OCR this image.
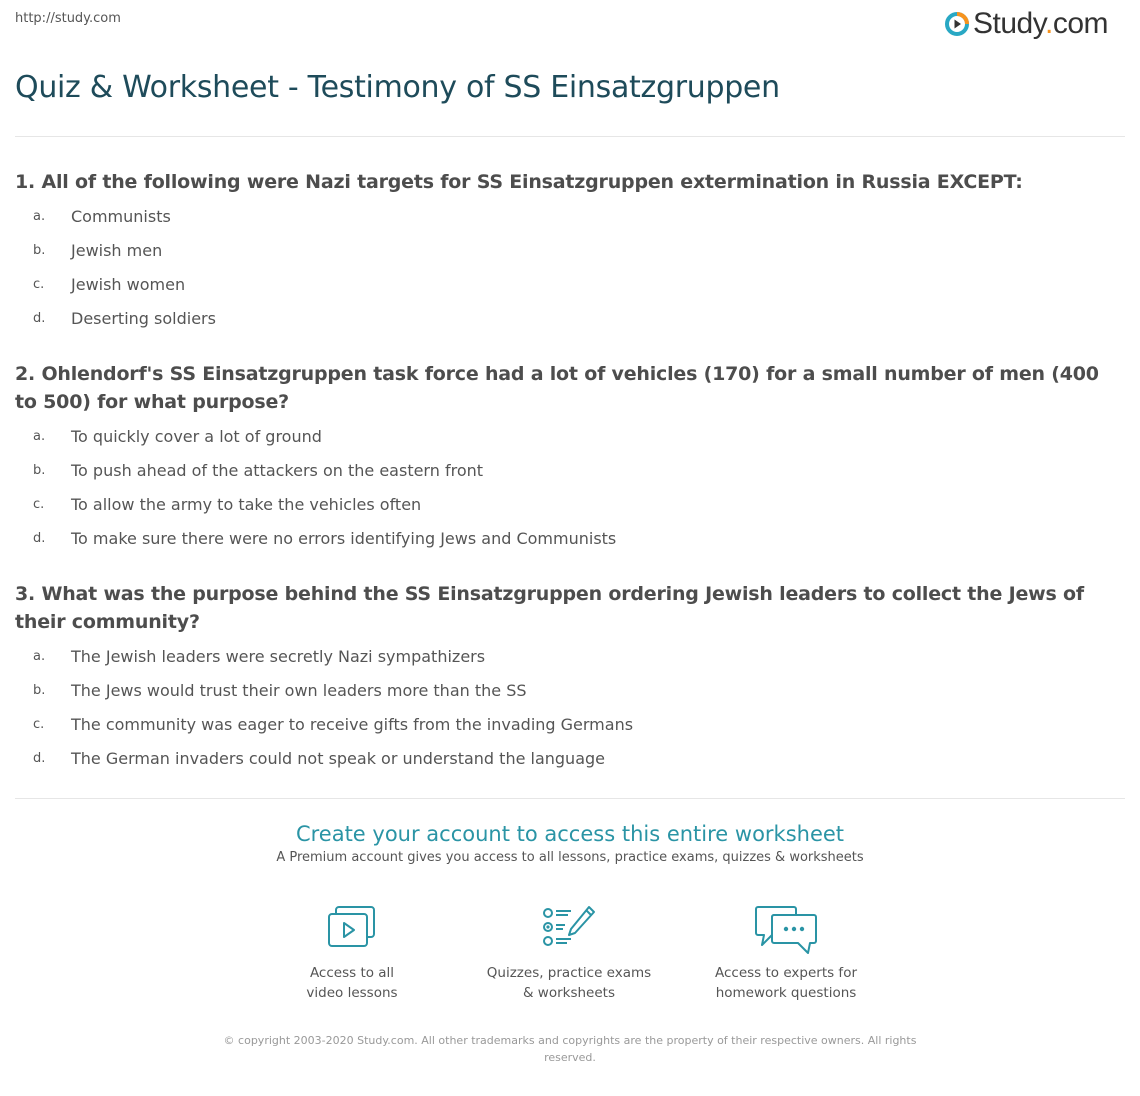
http://study.com	Study.com
Quiz & Worksheet - Testimony of SS Einsatzgruppen
1. All of the following were Nazi targets for SS Einsatzgruppen extermination in Russia EXCEPT:
a.	Communists
b.	Jewish men
c.	Jewish women
d.	Deserting soldiers
2. Ohlendorf's SS Einsatzgruppen task force had a lot of vehicles (170) for a small number of men (400 to 500) for what purpose?
a.	To quickly cover a lot of ground
b.	To push ahead of the attackers on the eastern front
c.	To allow the army to take the vehicles often
d.	To make sure there were no errors identifying Jews and Communists
3. What was the purpose behind the SS Einsatzgruppen ordering Jewish leaders to collect the Jews of their community?
a.	The Jewish leaders were secretly Nazi sympathizers
b.	The Jews would trust their own leaders more than the SS
c.	The community was eager to receive gifts from the invading Germans
d.	The German invaders could not speak or understand the language
Create your account to access this entire worksheet
A Premium account gives you access to all lessons, practice exams, quizzes & worksheets
Access to all
video lessons
Quizzes, practice exams
& worksheets
Access to experts for
homework questions
© copyright 2003-2020 Study.com. All other trademarks and copyrights are the property of their respective owners. All rights reserved.
